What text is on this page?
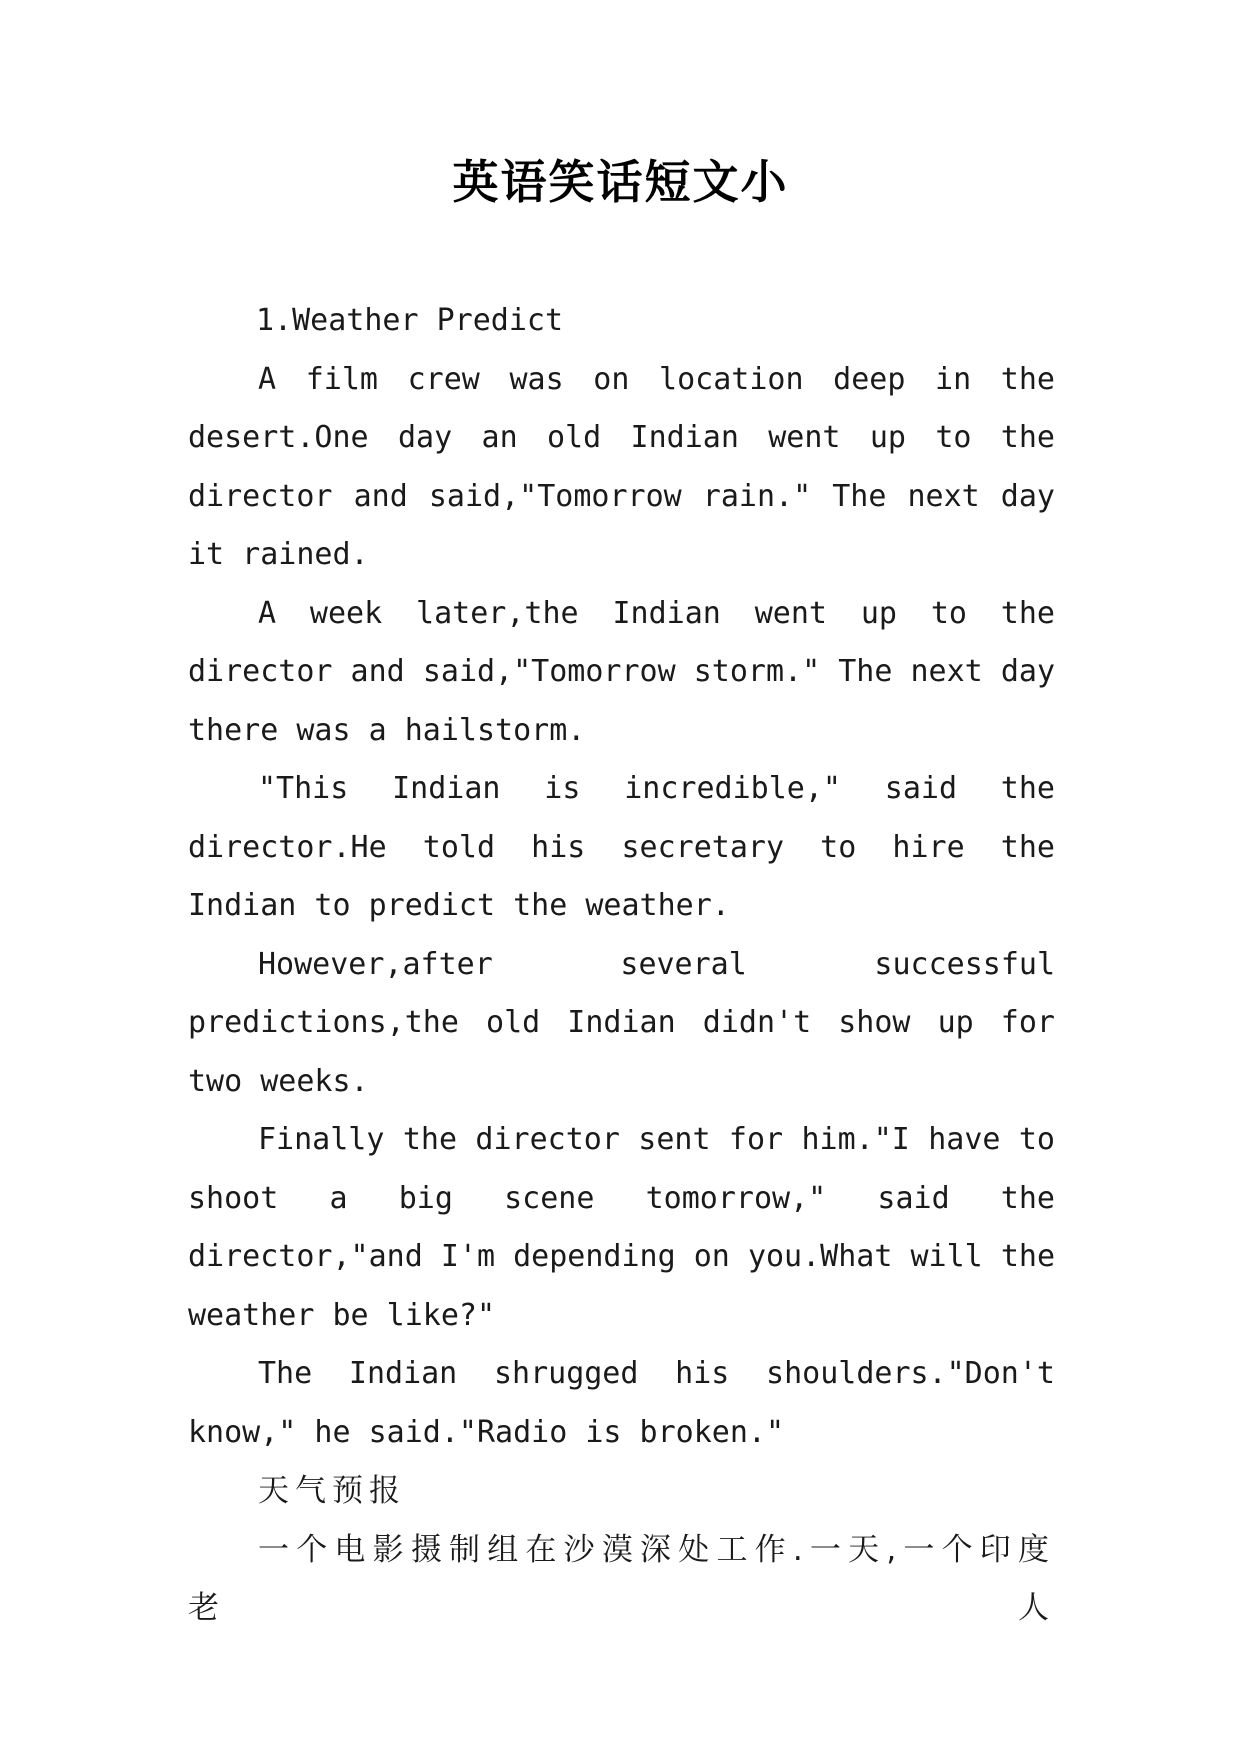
英语笑话短文小

1.Weather Predict

A film crew was on location deep in the desert.One day an old Indian went up to the director and said,"Tomorrow rain." The next day it rained.

A week later,the Indian went up to the director and said,"Tomorrow storm." The next day there was a hailstorm.

"This Indian is incredible," said the director.He told his secretary to hire the Indian to predict the weather.

However,after several successful predictions,the old Indian didn't show up for two weeks.

Finally the director sent for him."I have to shoot a big scene tomorrow," said the director,"and I'm depending on you.What will the weather be like?"

The Indian shrugged his shoulders."Don't know," he said."Radio is broken."

天气预报

一个电影摄制组在沙漠深处工作.一天,一个印度老人
